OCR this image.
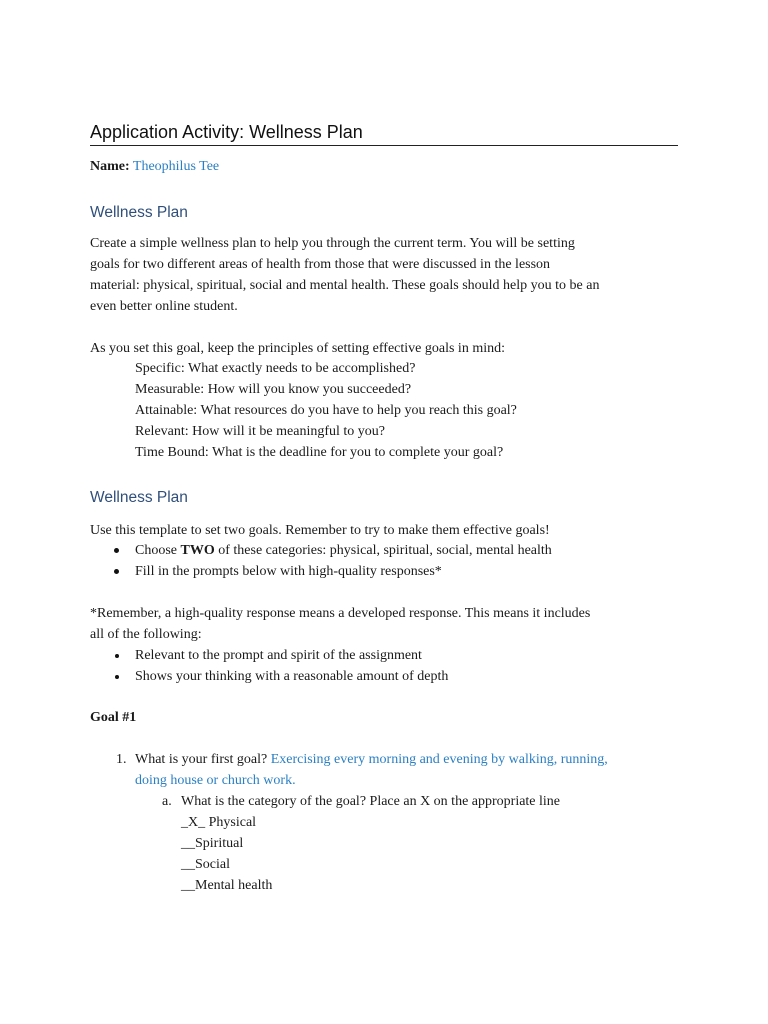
Application Activity: Wellness Plan
Name: Theophilus Tee
Wellness Plan
Create a simple wellness plan to help you through the current term. You will be setting
goals for two different areas of health from those that were discussed in the lesson
material: physical, spiritual, social and mental health. These goals should help you to be an
even better online student.
As you set this goal, keep the principles of setting effective goals in mind:
Specific: What exactly needs to be accomplished?
Measurable: How will you know you succeeded?
Attainable: What resources do you have to help you reach this goal?
Relevant: How will it be meaningful to you?
Time Bound: What is the deadline for you to complete your goal?
Wellness Plan
Use this template to set two goals. Remember to try to make them effective goals!
Choose TWO of these categories: physical, spiritual, social, mental health
Fill in the prompts below with high-quality responses*
*Remember, a high-quality response means a developed response. This means it includes
all of the following:
Relevant to the prompt and spirit of the assignment
Shows your thinking with a reasonable amount of depth
Goal #1
1. What is your first goal? Exercising every morning and evening by walking, running,
doing house or church work.
a. What is the category of the goal? Place an X on the appropriate line
_X_ Physical
__Spiritual
__Social
__Mental health
